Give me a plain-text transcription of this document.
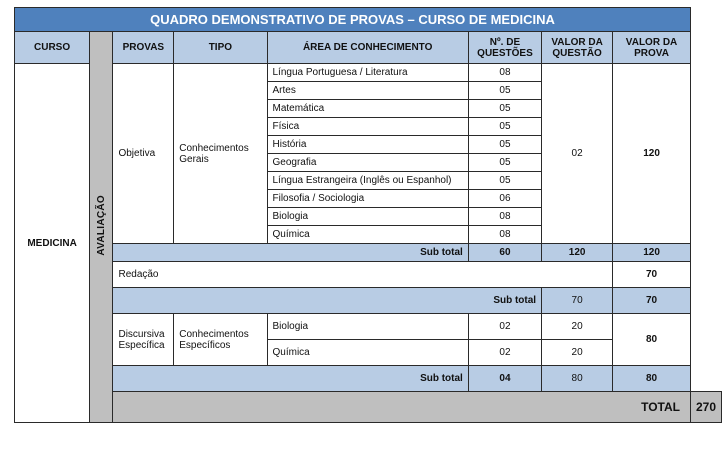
QUADRO DEMONSTRATIVO DE PROVAS – CURSO DE MEDICINA								
CURSO	AVALIAÇÃO	PROVAS	TIPO	ÁREA DE CONHECIMENTO	Nº. DE QUESTÕES	VALOR DA QUESTÃO	VALOR DA PROVA	
MEDICINA		Objetiva	Conhecimentos Gerais	Língua Portuguesa / Literatura	08	02	120	
				Artes	05			
				Matemática	05			
				Física	05			
				História	05			
				Geografia	05			
				Língua Estrangeira (Inglês ou Espanhol)	05			
				Filosofia / Sociologia	06			
				Biologia	08			
				Química	08			
		Sub total			60	120	120	
		Redação					70	
		Sub total				70	70	
		Discursiva Específica	Conhecimentos Específicos	Biologia	02	20	80	
				Química	02	20		
		Sub total			04	80	80	
		TOTAL						270
